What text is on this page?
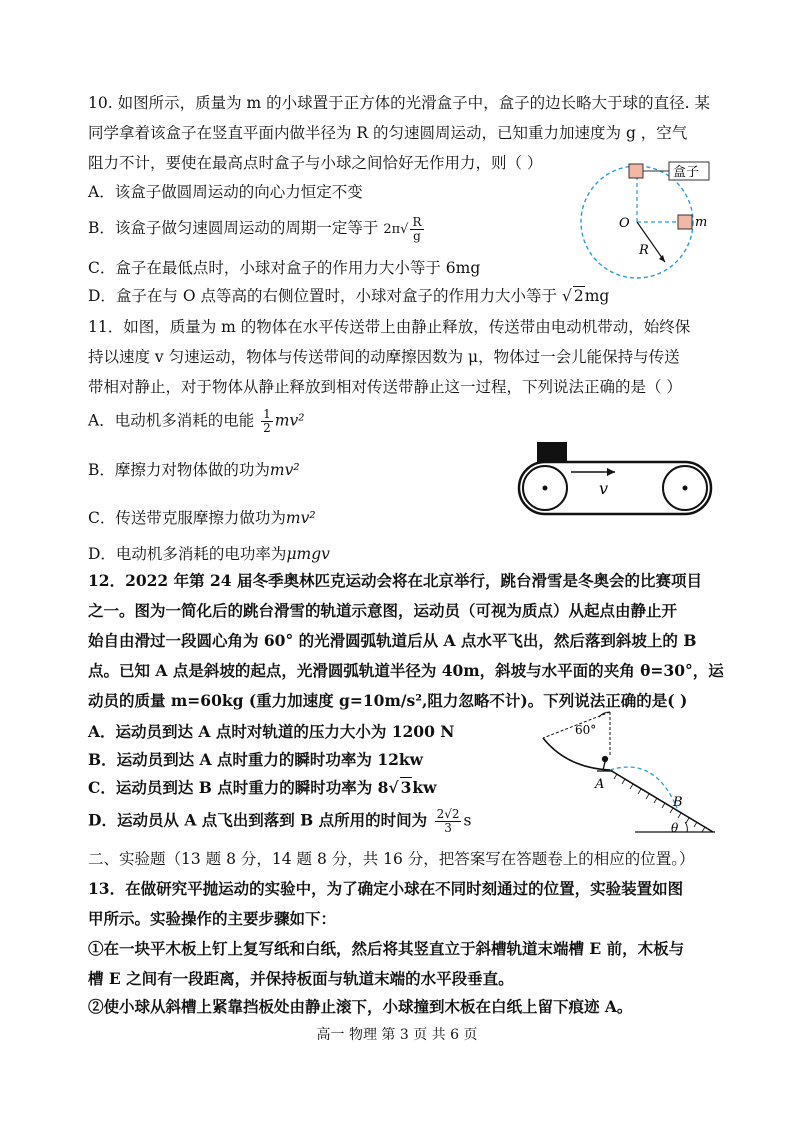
10. 如图所示，质量为 m 的小球置于正方体的光滑盒子中，盒子的边长略大于球的直径. 某
同学拿着该盒子在竖直平面内做半径为 R 的匀速圆周运动，已知重力加速度为 g ，空气
阻力不计，要使在最高点时盒子与小球之间恰好无作用力，则（ ）
A．该盒子做圆周运动的向心力恒定不变
B．该盒子做匀速圆周运动的周期一定等于 $2\pi√ \frac{R}{g}$
C．盒子在最低点时，小球对盒子的作用力大小等于 6mg
D．盒子在与 O 点等高的右侧位置时，小球对盒子的作用力大小等于 √ 2mg
盒子
O	m
R
11．如图，质量为 m 的物体在水平传送带上由静止释放，传送带由电动机带动，始终保
持以速度 v 匀速运动，物体与传送带间的动摩擦因数为 μ，物体过一会儿能保持与传送
带相对静止，对于物体从静止释放到相对传送带静止这一过程，下列说法正确的是（ ）
A．电动机多消耗的电能 $\frac{1}{2} mv^2$
B．摩擦力对物体做的功为mv²
C．传送带克服摩擦力做功为mv²
D．电动机多消耗的电功率为μmgv
v
12．2022 年第 24 届冬季奥林匹克运动会将在北京举行，跳台滑雪是冬奥会的比赛项目
之一。图为一简化后的跳台滑雪的轨道示意图，运动员（可视为质点）从起点由静止开
始自由滑过一段圆心角为 60° 的光滑圆弧轨道后从 A 点水平飞出，然后落到斜坡上的 B
点。已知 A 点是斜坡的起点，光滑圆弧轨道半径为 40m，斜坡与水平面的夹角 θ=30°，运
动员的质量 m=60kg (重力加速度 g=10m/s²,阻力忽略不计)。下列说法正确的是( )
A．运动员到达 A 点时对轨道的压力大小为 1200 N
B．运动员到达 A 点时重力的瞬时功率为 12kw
C．运动员到达 B 点时重力的瞬时功率为 8√ 3kw
D．运动员从 A 点飞出到落到 B 点所用的时间为 $\frac{2√2}{3}$ s
60°
A
B
θ
二、实验题（13 题 8 分，14 题 8 分，共 16 分，把答案写在答题卷上的相应的位置。）
13．在做研究平抛运动的实验中，为了确定小球在不同时刻通过的位置，实验装置如图
甲所示。实验操作的主要步骤如下：
①在一块平木板上钉上复写纸和白纸，然后将其竖直立于斜槽轨道末端槽 E 前，木板与
槽 E 之间有一段距离，并保持板面与轨道末端的水平段垂直。
②使小球从斜槽上紧靠挡板处由静止滚下，小球撞到木板在白纸上留下痕迹 A。
高一 物理 第 3 页 共 6 页
